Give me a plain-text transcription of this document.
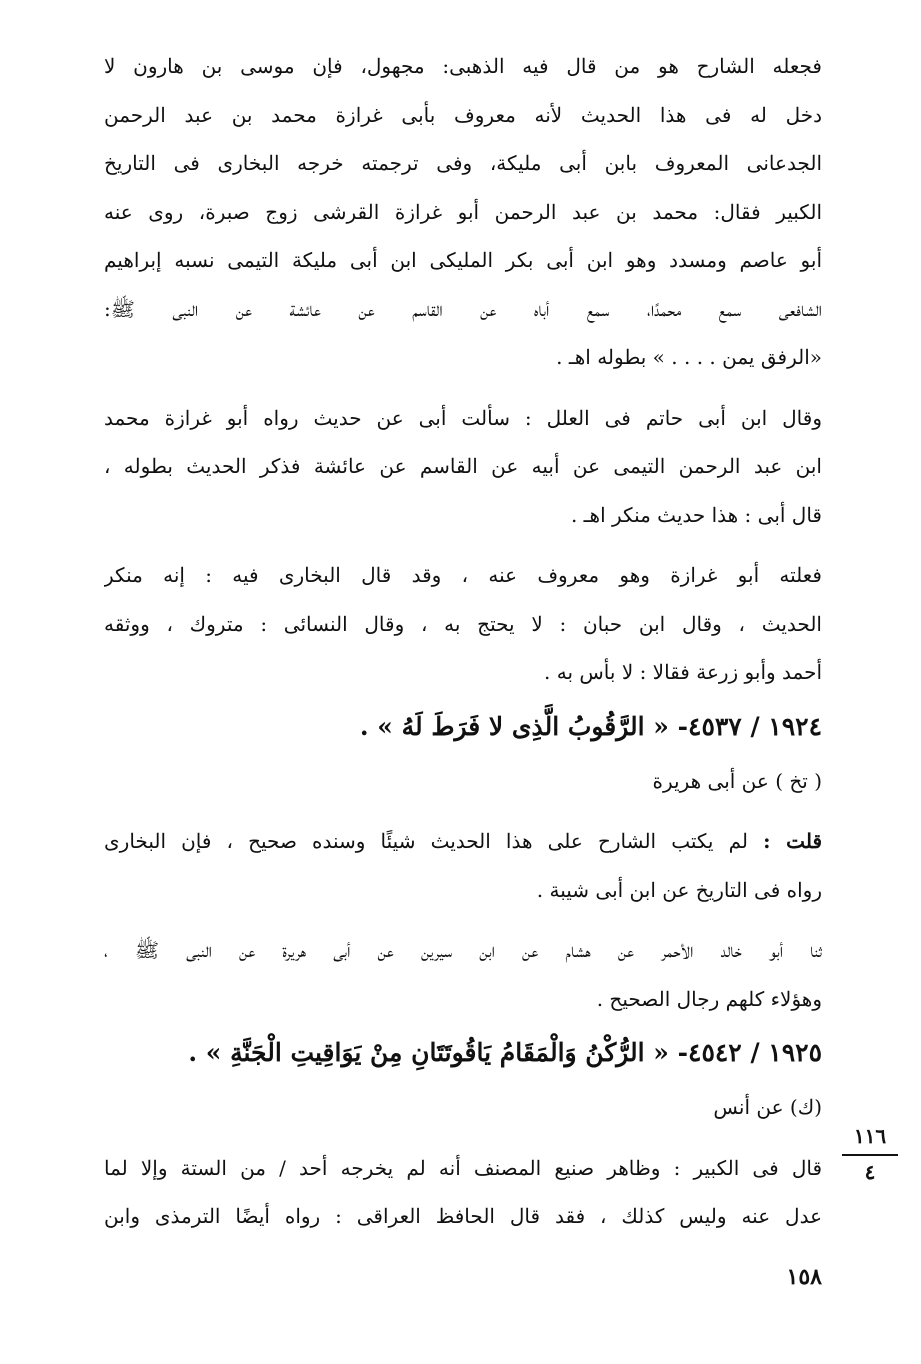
فجعله الشارح هو من قال فيه الذهبى: مجهول، فإن موسى بن هارون لا
دخل له فى هذا الحديث لأنه معروف بأبى غرازة محمد بن عبد الرحمن
الجدعانى المعروف بابن أبى مليكة، وفى ترجمته خرجه البخارى فى التاريخ
الكبير فقال: محمد بن عبد الرحمن أبو غرازة القرشى زوج صبرة، روى عنه
أبو عاصم ومسدد وهو ابن أبى بكر المليكى ابن أبى مليكة التيمى نسبه إبراهيم
الشافعى سمع محمدًا، سمع أباه عن القاسم عن عائشة عن النبى ﷺ:
«الرفق يمن . . . . » بطوله اهـ .
وقال ابن أبى حاتم فى العلل : سألت أبى عن حديث رواه أبو غرازة محمد
ابن عبد الرحمن التيمى عن أبيه عن القاسم عن عائشة فذكر الحديث بطوله ،
قال أبى : هذا حديث منكر اهـ .
فعلته أبو غرازة وهو معروف عنه ، وقد قال البخارى فيه : إنه منكر
الحديث ، وقال ابن حبان : لا يحتج به ، وقال النسائى : متروك ، ووثقه
أحمد وأبو زرعة فقالا : لا بأس به .
١٩٢٤ / ٤٥٣٧- « الرَّقُوبُ الَّذِى لا فَرَطَ لَهُ » .
( تخ ) عن أبى هريرة
قلت : لم يكتب الشارح على هذا الحديث شيئًا وسنده صحيح ، فإن البخارى
رواه فى التاريخ عن ابن أبى شيبة .
ثنا أبو خالد الأحمر عن هشام عن ابن سيرين عن أبى هريرة عن النبى ﷺ ،
وهؤلاء كلهم رجال الصحيح .
١٩٢٥ / ٤٥٤٢- « الرُّكْنُ وَالْمَقَامُ يَاقُوتَتَانِ مِنْ يَوَاقِيتِ الْجَنَّةِ » .
(ك) عن أنس
قال فى الكبير : وظاهر صنيع المصنف أنه لم يخرجه أحد / من الستة وإلا لما
عدل عنه وليس كذلك ، فقد قال الحافظ العراقى : رواه أيضًا الترمذى وابن
١١٦
٤
١٥٨
